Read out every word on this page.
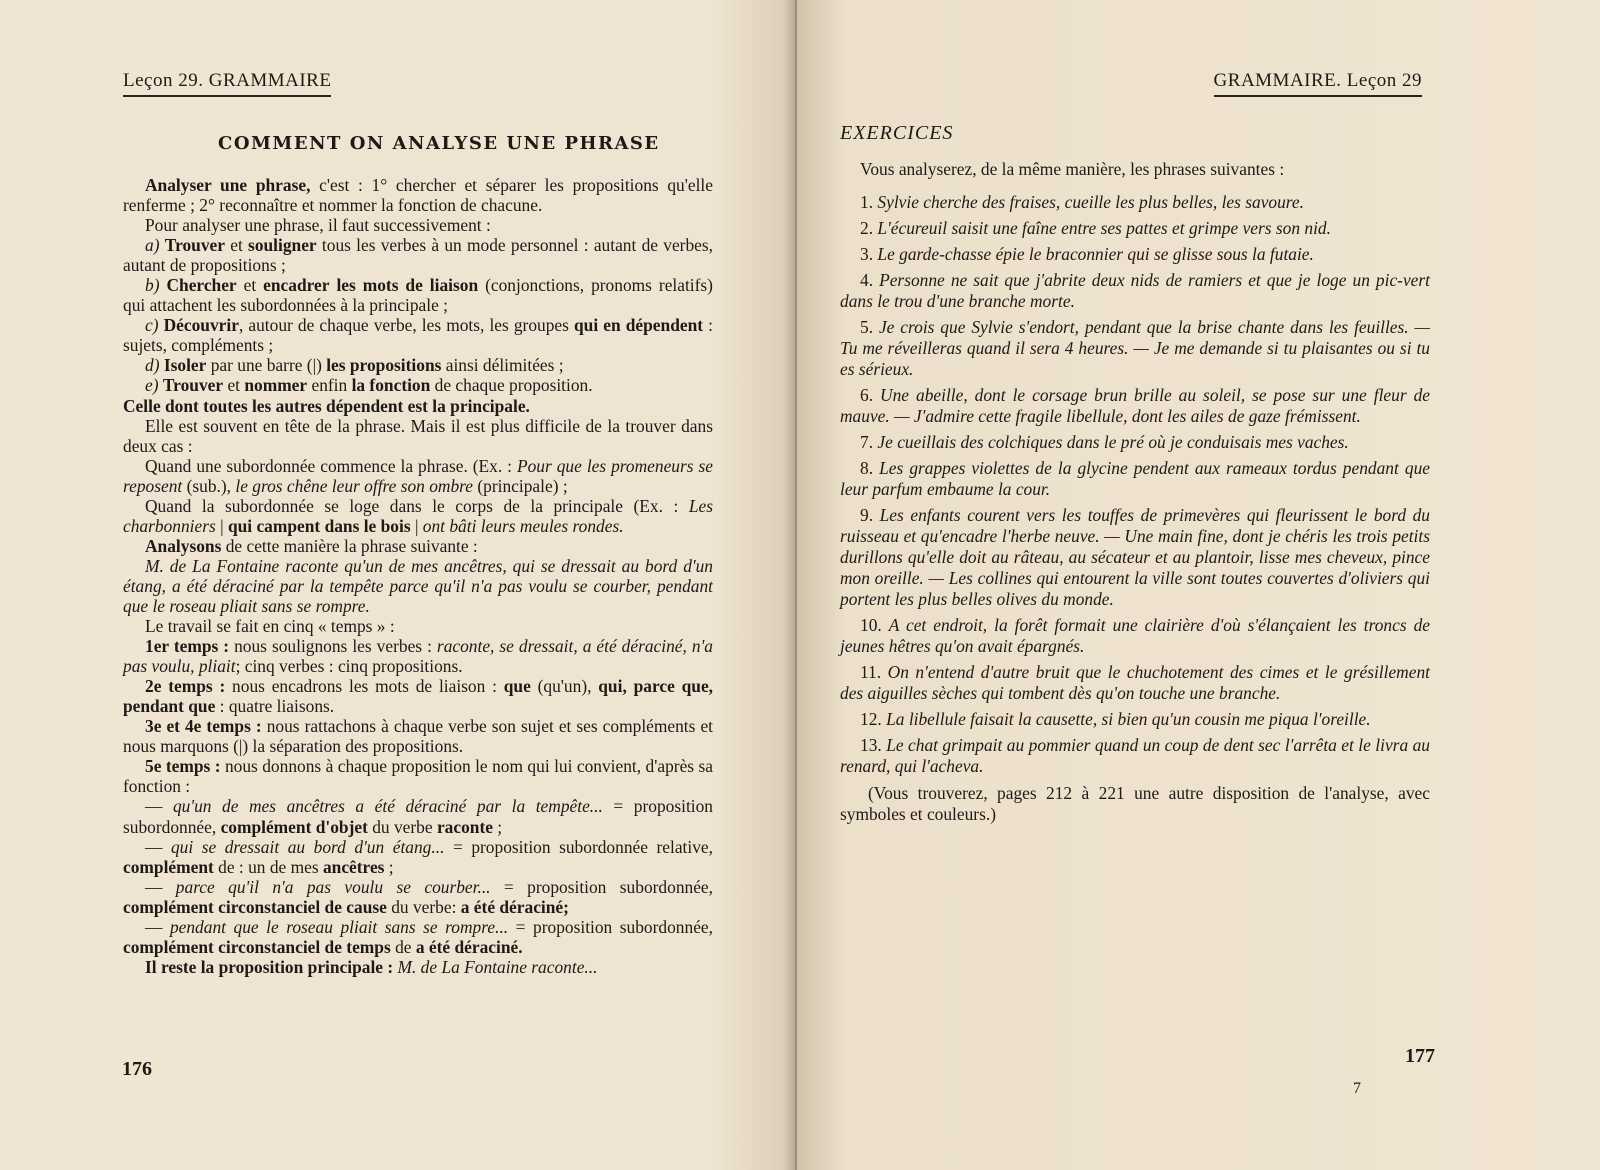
Leçon 29. GRAMMAIRE
COMMENT ON ANALYSE UNE PHRASE

Analyser une phrase, c'est : 1° chercher et séparer les propositions qu'elle renferme ; 2° reconnaître et nommer la fonction de chacune.

Pour analyser une phrase, il faut successivement :

a) Trouver et souligner tous les verbes à un mode personnel : autant de verbes, autant de propositions ;

b) Chercher et encadrer les mots de liaison (conjonctions, pronoms relatifs) qui attachent les subordonnées à la principale ;

c) Découvrir, autour de chaque verbe, les mots, les groupes qui en dépendent : sujets, compléments ;

d) Isoler par une barre (|) les propositions ainsi délimitées ;

e) Trouver et nommer enfin la fonction de chaque proposition.

Celle dont toutes les autres dépendent est la principale.

Elle est souvent en tête de la phrase. Mais il est plus difficile de la trouver dans deux cas :

Quand une subordonnée commence la phrase. (Ex. : Pour que les promeneurs se reposent (sub.), le gros chêne leur offre son ombre (principale) ;

Quand la subordonnée se loge dans le corps de la principale (Ex. : Les charbonniers | qui campent dans le bois | ont bâti leurs meules rondes.

Analysons de cette manière la phrase suivante :

M. de La Fontaine raconte qu'un de mes ancêtres, qui se dressait au bord d'un étang, a été déraciné par la tempête parce qu'il n'a pas voulu se courber, pendant que le roseau pliait sans se rompre.

Le travail se fait en cinq « temps » :

1er temps : nous soulignons les verbes : raconte, se dressait, a été déraciné, n'a pas voulu, pliait; cinq verbes : cinq propositions.

2e temps : nous encadrons les mots de liaison : que (qu'un), qui, parce que, pendant que : quatre liaisons.

3e et 4e temps : nous rattachons à chaque verbe son sujet et ses compléments et nous marquons (|) la séparation des propositions.

5e temps : nous donnons à chaque proposition le nom qui lui convient, d'après sa fonction :

— qu'un de mes ancêtres a été déraciné par la tempête... = proposition subordonnée, complément d'objet du verbe raconte ;

— qui se dressait au bord d'un étang... = proposition subordonnée relative, complément de : un de mes ancêtres ;

— parce qu'il n'a pas voulu se courber... = proposition subordonnée, complément circonstanciel de cause du verbe: a été déraciné;

— pendant que le roseau pliait sans se rompre... = proposition subordonnée, complément circonstanciel de temps de a été déraciné.

Il reste la proposition principale : M. de La Fontaine raconte...

176
GRAMMAIRE. Leçon 29
EXERCICES

Vous analyserez, de la même manière, les phrases suivantes :

1. Sylvie cherche des fraises, cueille les plus belles, les savoure.

2. L'écureuil saisit une faîne entre ses pattes et grimpe vers son nid.

3. Le garde-chasse épie le braconnier qui se glisse sous la futaie.

4. Personne ne sait que j'abrite deux nids de ramiers et que je loge un pic-vert dans le trou d'une branche morte.

5. Je crois que Sylvie s'endort, pendant que la brise chante dans les feuilles. — Tu me réveilleras quand il sera 4 heures. — Je me demande si tu plaisantes ou si tu es sérieux.

6. Une abeille, dont le corsage brun brille au soleil, se pose sur une fleur de mauve. — J'admire cette fragile libellule, dont les ailes de gaze frémissent.

7. Je cueillais des colchiques dans le pré où je conduisais mes vaches.

8. Les grappes violettes de la glycine pendent aux rameaux tordus pendant que leur parfum embaume la cour.

9. Les enfants courent vers les touffes de primevères qui fleurissent le bord du ruisseau et qu'encadre l'herbe neuve. — Une main fine, dont je chéris les trois petits durillons qu'elle doit au râteau, au sécateur et au plantoir, lisse mes cheveux, pince mon oreille. — Les collines qui entourent la ville sont toutes couvertes d'oliviers qui portent les plus belles olives du monde.

10. A cet endroit, la forêt formait une clairière d'où s'élançaient les troncs de jeunes hêtres qu'on avait épargnés.

11. On n'entend d'autre bruit que le chuchotement des cimes et le grésillement des aiguilles sèches qui tombent dès qu'on touche une branche.

12. La libellule faisait la causette, si bien qu'un cousin me piqua l'oreille.

13. Le chat grimpait au pommier quand un coup de dent sec l'arrêta et le livra au renard, qui l'acheva.

(Vous trouverez, pages 212 à 221 une autre disposition de l'analyse, avec symboles et couleurs.)

177
7
